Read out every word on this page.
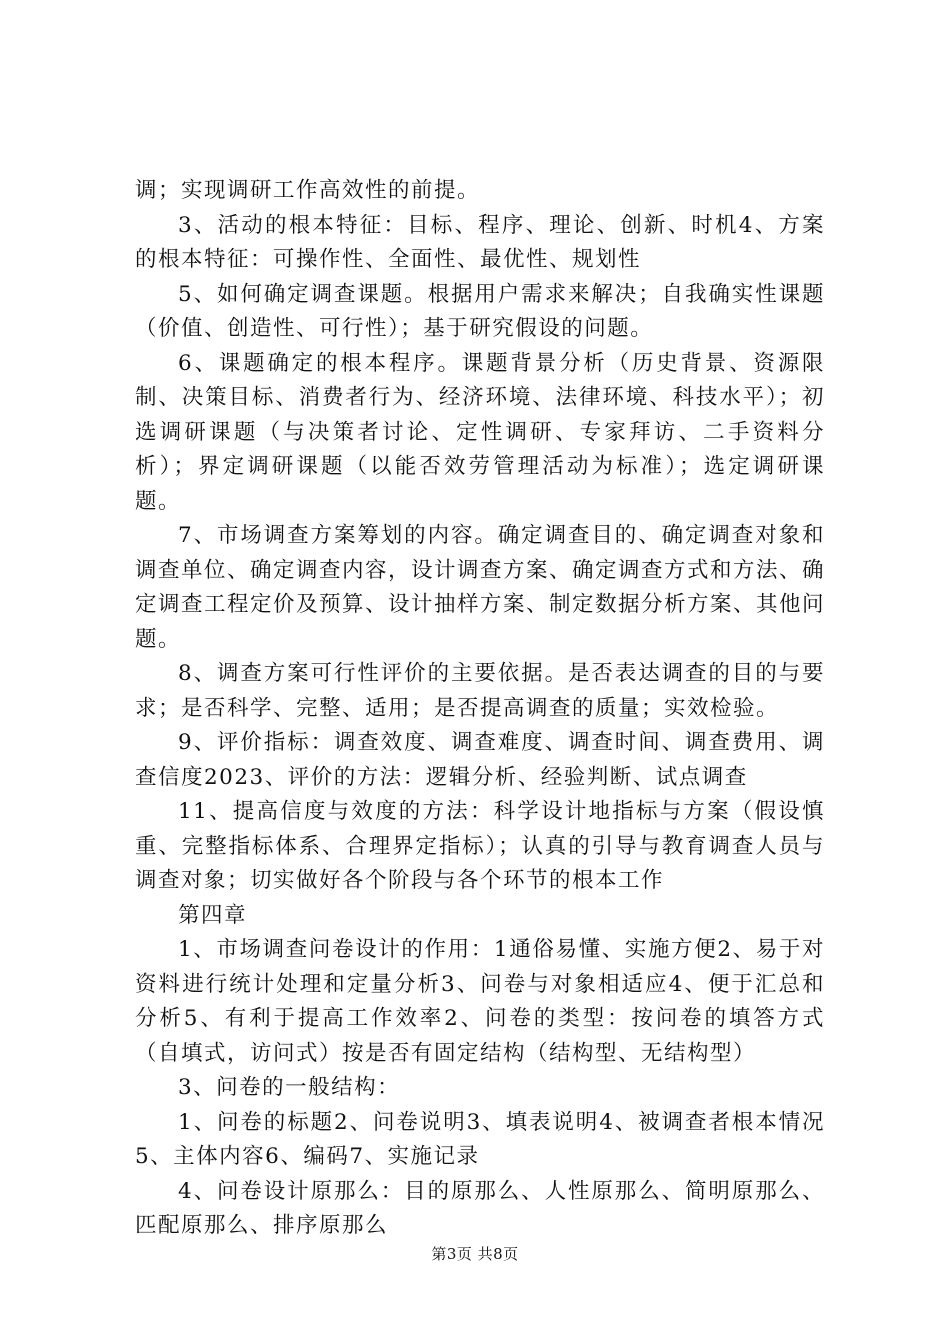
调；实现调研工作高效性的前提。

3、活动的根本特征：目标、程序、理论、创新、时机4、方案的根本特征：可操作性、全面性、最优性、规划性

5、如何确定调查课题。根据用户需求来解决；自我确实性课题（价值、创造性、可行性）；基于研究假设的问题。

6、课题确定的根本程序。课题背景分析（历史背景、资源限制、决策目标、消费者行为、经济环境、法律环境、科技水平）；初选调研课题（与决策者讨论、定性调研、专家拜访、二手资料分析）；界定调研课题（以能否效劳管理活动为标准）；选定调研课题。

7、市场调查方案筹划的内容。确定调查目的、确定调查对象和调查单位、确定调查内容，设计调查方案、确定调查方式和方法、确定调查工程定价及预算、设计抽样方案、制定数据分析方案、其他问题。

8、调查方案可行性评价的主要依据。是否表达调查的目的与要求；是否科学、完整、适用；是否提高调查的质量；实效检验。

9、评价指标：调查效度、调查难度、调查时间、调查费用、调查信度2023、评价的方法：逻辑分析、经验判断、试点调查

11、提高信度与效度的方法：科学设计地指标与方案（假设慎重、完整指标体系、合理界定指标）；认真的引导与教育调查人员与调查对象；切实做好各个阶段与各个环节的根本工作

第四章

1、市场调查问卷设计的作用：1通俗易懂、实施方便2、易于对资料进行统计处理和定量分析3、问卷与对象相适应4、便于汇总和分析5、有利于提高工作效率2、问卷的类型：按问卷的填答方式（自填式，访问式）按是否有固定结构（结构型、无结构型）

3、问卷的一般结构：

1、问卷的标题2、问卷说明3、填表说明4、被调查者根本情况5、主体内容6、编码7、实施记录

4、问卷设计原那么：目的原那么、人性原那么、简明原那么、匹配原那么、排序原那么

第3页 共8页
